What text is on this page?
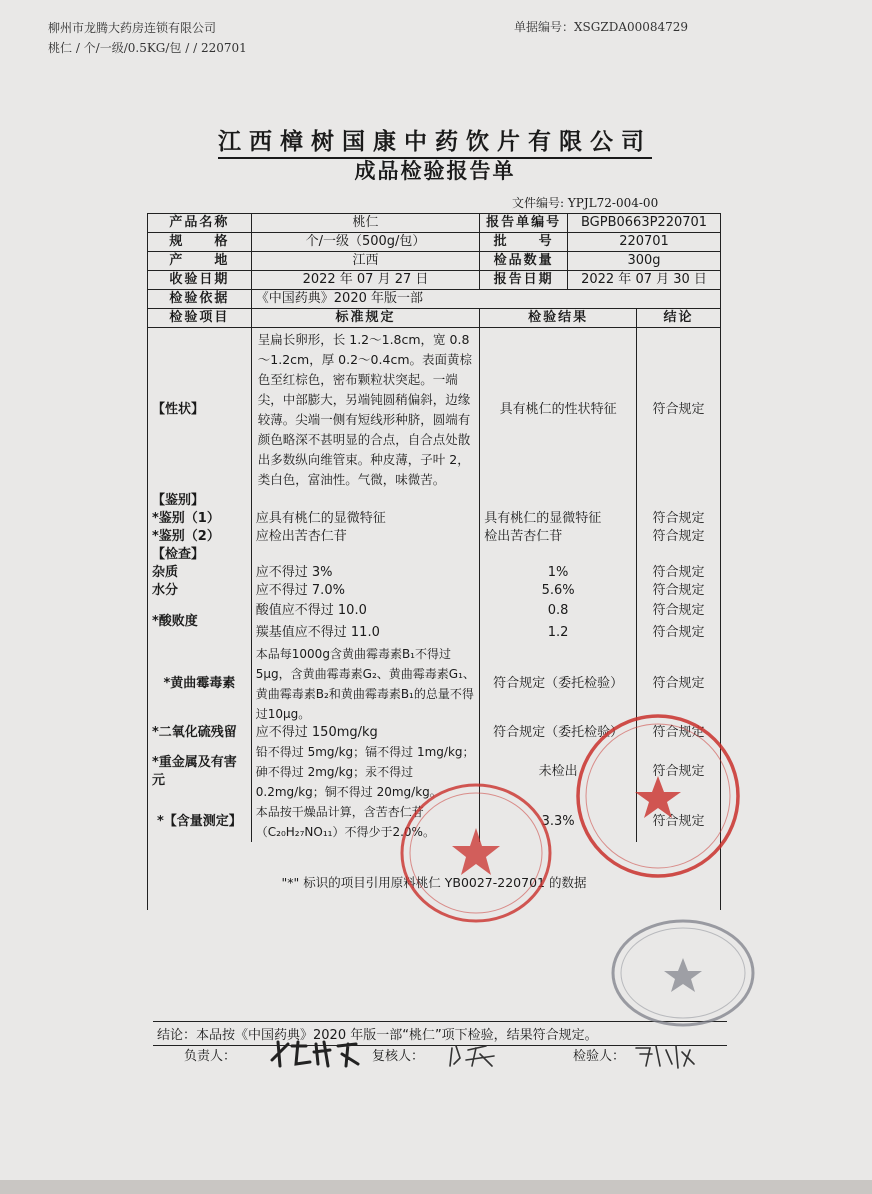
柳州市龙腾大药房连锁有限公司
桃仁 / 个/一级/0.5KG/包 / / 220701
单据编号：XSGZDA00084729
江西樟树国康中药饮片有限公司
成品检验报告单
文件编号: YPJL72-004-00
产品名称	桃仁	报告单编号	BGPB0663P220701	
规　　格	个/一级（500g/包）	批　　号	220701	
产　　地	江西	检品数量	300g	
收验日期	2022 年 07 月 27 日	报告日期	2022 年 07 月 30 日	
检验依据	《中国药典》2020 年版一部			
检验项目	标准规定	检验结果		结论
【性状】	呈扁长卵形，长 1.2～1.8cm，宽 0.8～1.2cm，厚 0.2～0.4cm。表面黄棕色至红棕色，密布颗粒状突起。一端尖，中部膨大，另端钝圆稍偏斜，边缘较薄。尖端一侧有短线形种脐，圆端有颜色略深不甚明显的合点，自合点处散出多数纵向维管束。种皮薄，子叶 2，类白色，富油性。气微，味微苦。	具有桃仁的性状特征		符合规定
【鉴别】				
*鉴别（1）	应具有桃仁的显微特征	具有桃仁的显微特征		符合规定
*鉴别（2）	应检出苦杏仁苷	检出苦杏仁苷		符合规定
【检查】				
杂质	应不得过 3%	1%		符合规定
水分	应不得过 7.0%	5.6%		符合规定
*酸败度	酸值应不得过 10.0	0.8		符合规定
	羰基值应不得过 11.0	1.2		符合规定
*黄曲霉毒素	本品每1000g含黄曲霉毒素B₁不得过5μg，含黄曲霉毒素G₂、黄曲霉毒素G₁、黄曲霉毒素B₂和黄曲霉毒素B₁的总量不得过10μg。	符合规定（委托检验）		符合规定
*二氧化硫残留	应不得过 150mg/kg	符合规定（委托检验）		符合规定
*重金属及有害元	铅不得过 5mg/kg；镉不得过 1mg/kg；砷不得过 2mg/kg；汞不得过 0.2mg/kg；铜不得过 20mg/kg。	未检出		符合规定
*【含量测定】	本品按干燥品计算，含苦杏仁苷（C₂₀H₂₇NO₁₁）不得少于2.0%。	3.3%		符合规定
"*" 标识的项目引用原料桃仁 YB0027-220701 的数据				
结论：本品按《中国药典》2020 年版一部“桃仁”项下检验，结果符合规定。
负责人：	复核人：	检验人：
